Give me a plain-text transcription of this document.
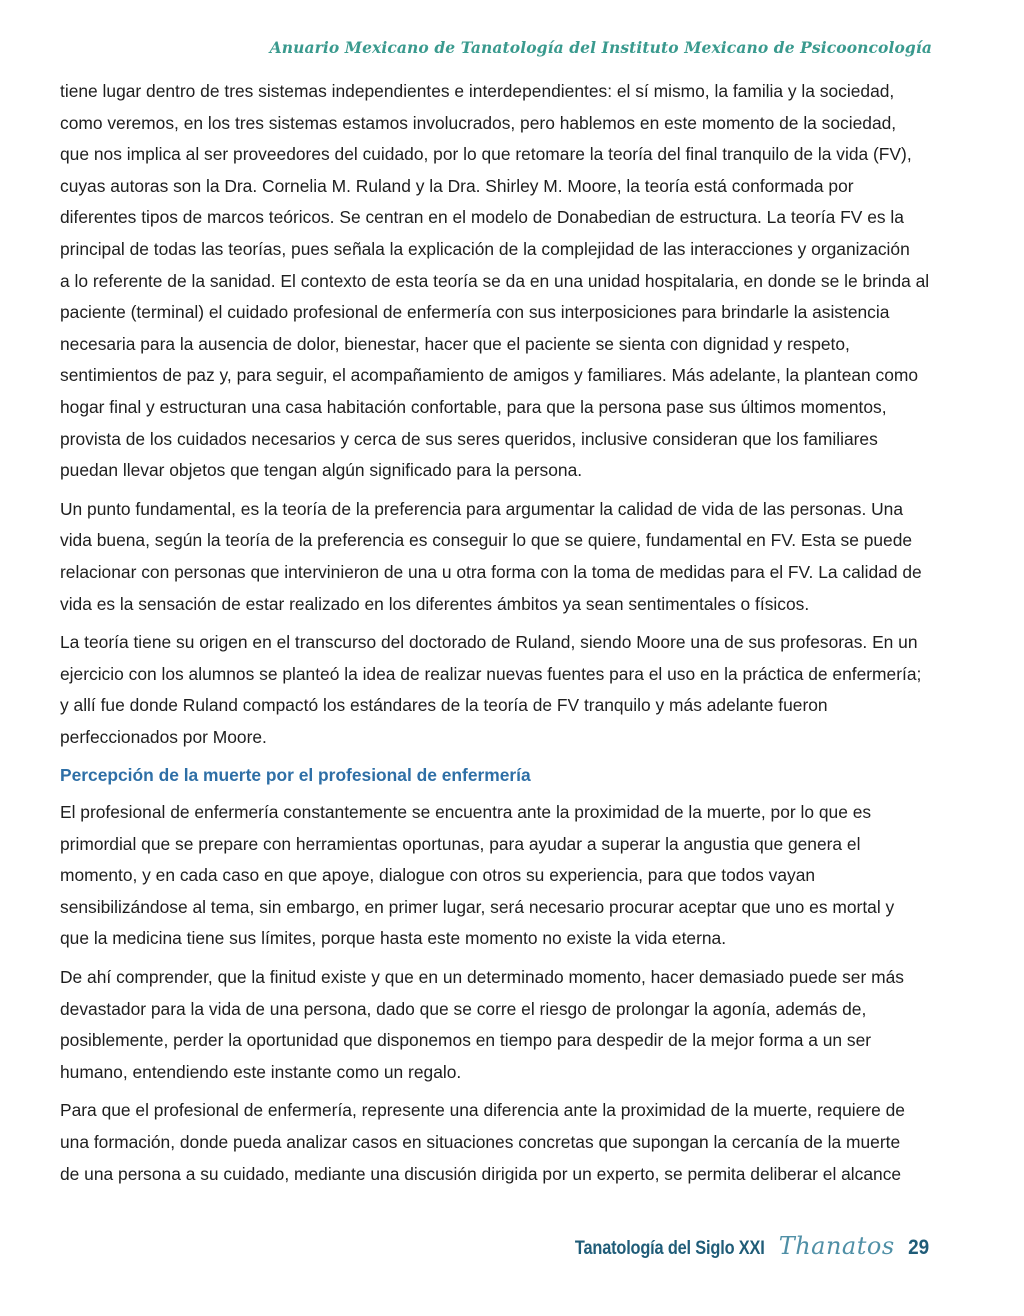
Anuario Mexicano de Tanatología del Instituto Mexicano de Psicooncología

tiene lugar dentro de tres sistemas independientes e interdependientes: el sí mismo, la familia y la sociedad,
como veremos, en los tres sistemas estamos involucrados, pero hablemos en este momento de la sociedad,
que nos implica al ser proveedores del cuidado, por lo que retomare la teoría del final tranquilo de la vida (FV),
cuyas autoras son la Dra. Cornelia M. Ruland y la Dra. Shirley M. Moore, la teoría está conformada por
diferentes tipos de marcos teóricos. Se centran en el modelo de Donabedian de estructura. La teoría FV es la
principal de todas las teorías, pues señala la explicación de la complejidad de las interacciones y organización
a lo referente de la sanidad. El contexto de esta teoría se da en una unidad hospitalaria, en donde se le brinda al
paciente (terminal) el cuidado profesional de enfermería con sus interposiciones para brindarle la asistencia
necesaria para la ausencia de dolor, bienestar, hacer que el paciente se sienta con dignidad y respeto,
sentimientos de paz y, para seguir, el acompañamiento de amigos y familiares. Más adelante, la plantean como
hogar final y estructuran una casa habitación confortable, para que la persona pase sus últimos momentos,
provista de los cuidados necesarios y cerca de sus seres queridos, inclusive consideran que los familiares
puedan llevar objetos que tengan algún significado para la persona.

Un punto fundamental, es la teoría de la preferencia para argumentar la calidad de vida de las personas. Una
vida buena, según la teoría de la preferencia es conseguir lo que se quiere, fundamental en FV. Esta se puede
relacionar con personas que intervinieron de una u otra forma con la toma de medidas para el FV. La calidad de
vida es la sensación de estar realizado en los diferentes ámbitos ya sean sentimentales o físicos.

La teoría tiene su origen en el transcurso del doctorado de Ruland, siendo Moore una de sus profesoras. En un
ejercicio con los alumnos se planteó la idea de realizar nuevas fuentes para el uso en la práctica de enfermería;
y allí fue donde Ruland compactó los estándares de la teoría de FV tranquilo y más adelante fueron
perfeccionados por Moore.

Percepción de la muerte por el profesional de enfermería

El profesional de enfermería constantemente se encuentra ante la proximidad de la muerte, por lo que es
primordial que se prepare con herramientas oportunas, para ayudar a superar la angustia que genera el
momento, y en cada caso en que apoye, dialogue con otros su experiencia, para que todos vayan
sensibilizándose al tema, sin embargo, en primer lugar, será necesario procurar aceptar que uno es mortal y
que la medicina tiene sus límites, porque hasta este momento no existe la vida eterna.

De ahí comprender, que la finitud existe y que en un determinado momento, hacer demasiado puede ser más
devastador para la vida de una persona, dado que se corre el riesgo de prolongar la agonía, además de,
posiblemente, perder la oportunidad que disponemos en tiempo para despedir de la mejor forma a un ser
humano, entendiendo este instante como un regalo.

Para que el profesional de enfermería, represente una diferencia ante la proximidad de la muerte, requiere de
una formación, donde pueda analizar casos en situaciones concretas que supongan la cercanía de la muerte
de una persona a su cuidado, mediante una discusión dirigida por un experto, se permita deliberar el alcance

Tanatología del Siglo XXI Thanatos 29
